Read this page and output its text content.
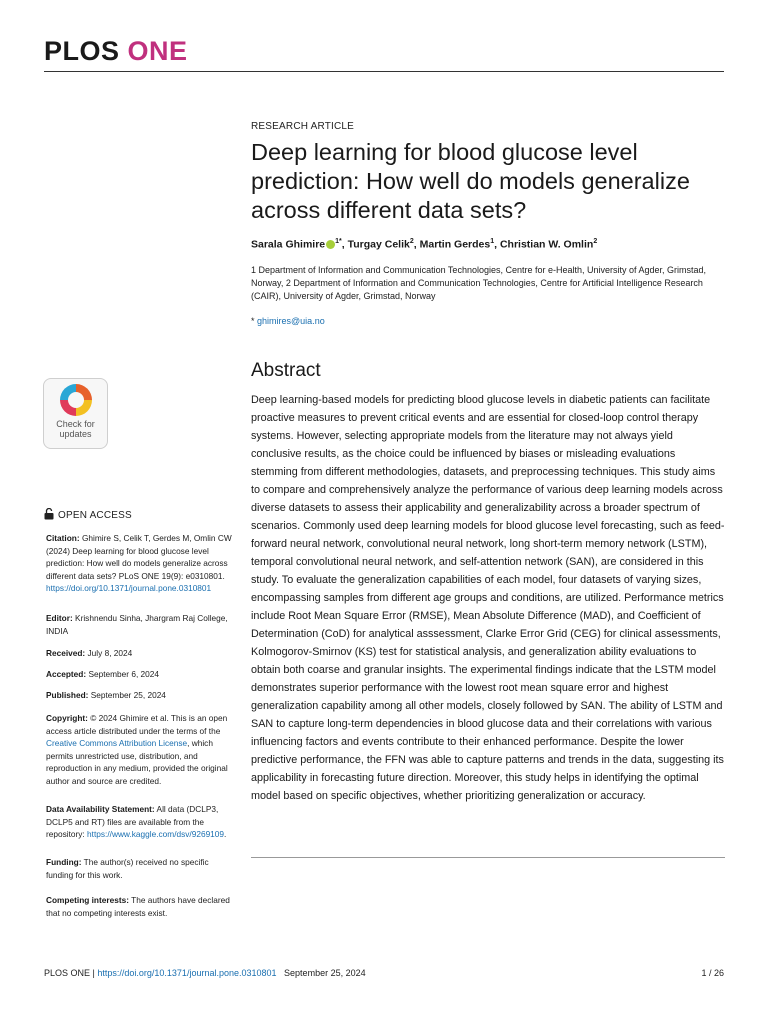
PLOS ONE
RESEARCH ARTICLE
Deep learning for blood glucose level prediction: How well do models generalize across different data sets?
Sarala Ghimire $^{1*}$, Turgay Celik$^2$, Martin Gerdes$^1$, Christian W. Omlin$^2$
1 Department of Information and Communication Technologies, Centre for e-Health, University of Agder, Grimstad, Norway, 2 Department of Information and Communication Technologies, Centre for Artificial Intelligence Research (CAIR), University of Agder, Grimstad, Norway
* ghimires@uia.no
Abstract
Deep learning-based models for predicting blood glucose levels in diabetic patients can facilitate proactive measures to prevent critical events and are essential for closed-loop control therapy systems. However, selecting appropriate models from the literature may not always yield conclusive results, as the choice could be influenced by biases or misleading evaluations stemming from different methodologies, datasets, and preprocessing techniques. This study aims to compare and comprehensively analyze the performance of various deep learning models across diverse datasets to assess their applicability and generalizability across a broader spectrum of scenarios. Commonly used deep learning models for blood glucose level forecasting, such as feed-forward neural network, convolutional neural network, long short-term memory network (LSTM), temporal convolutional neural network, and self-attention network (SAN), are considered in this study. To evaluate the generalization capabilities of each model, four datasets of varying sizes, encompassing samples from different age groups and conditions, are utilized. Performance metrics include Root Mean Square Error (RMSE), Mean Absolute Difference (MAD), and Coefficient of Determination (CoD) for analytical asssessment, Clarke Error Grid (CEG) for clinical assessments, Kolmogorov-Smirnov (KS) test for statistical analysis, and generalization ability evaluations to obtain both coarse and granular insights. The experimental findings indicate that the LSTM model demonstrates superior performance with the lowest root mean square error and highest generalization capability among all other models, closely followed by SAN. The ability of LSTM and SAN to capture long-term dependencies in blood glucose data and their correlations with various influencing factors and events contribute to their enhanced performance. Despite the lower predictive performance, the FFN was able to capture patterns and trends in the data, suggesting its applicability in forecasting future direction. Moreover, this study helps in identifying the optimal model based on specific objectives, whether prioritizing generalization or accuracy.
Check for
updates
OPEN ACCESS
Citation: Ghimire S, Celik T, Gerdes M, Omlin CW (2024) Deep learning for blood glucose level prediction: How well do models generalize across different data sets? PLoS ONE 19(9): e0310801. https://doi.org/10.1371/journal.pone.0310801
Editor: Krishnendu Sinha, Jhargram Raj College, INDIA
Received: July 8, 2024
Accepted: September 6, 2024
Published: September 25, 2024
Copyright: © 2024 Ghimire et al. This is an open access article distributed under the terms of the Creative Commons Attribution License, which permits unrestricted use, distribution, and reproduction in any medium, provided the original author and source are credited.
Data Availability Statement: All data (DCLP3, DCLP5 and RT) files are available from the repository: https://www.kaggle.com/dsv/9269109.
Funding: The author(s) received no specific funding for this work.
Competing interests: The authors have declared that no competing interests exist.
PLOS ONE | https://doi.org/10.1371/journal.pone.0310801 September 25, 2024	1 / 26
